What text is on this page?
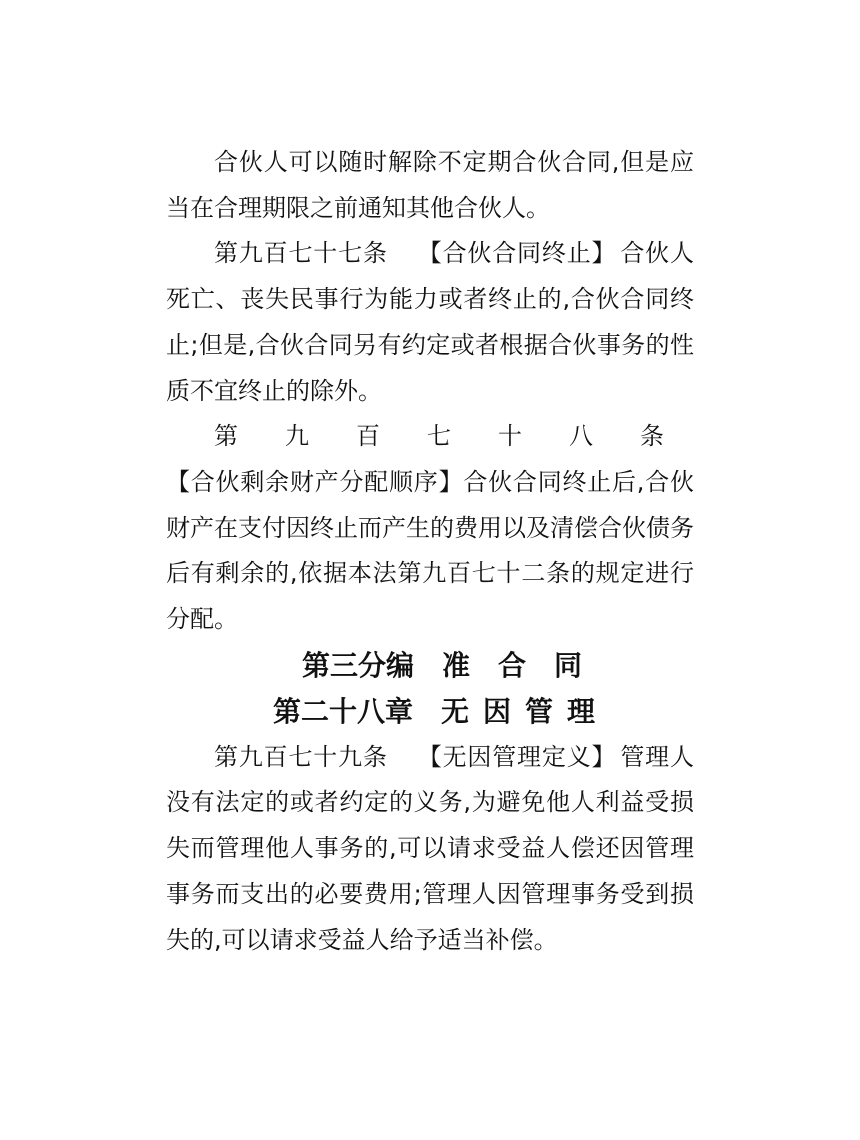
合伙人可以随时解除不定期合伙合同,但是应当在合理期限之前通知其他合伙人。

第九百七十七条 【合伙合同终止】 合伙人死亡、丧失民事行为能力或者终止的,合伙合同终止;但是,合伙合同另有约定或者根据合伙事务的性质不宜终止的除外。

第九百七十八条【合伙剩余财产分配顺序】合伙合同终止后,合伙财产在支付因终止而产生的费用以及清偿合伙债务后有剩余的,依据本法第九百七十二条的规定进行分配。

第三分编 准 合 同
第二十八章 无 因 管 理

第九百七十九条 【无因管理定义】 管理人没有法定的或者约定的义务,为避免他人利益受损失而管理他人事务的,可以请求受益人偿还因管理事务而支出的必要费用;管理人因管理事务受到损失的,可以请求受益人给予适当补偿。
